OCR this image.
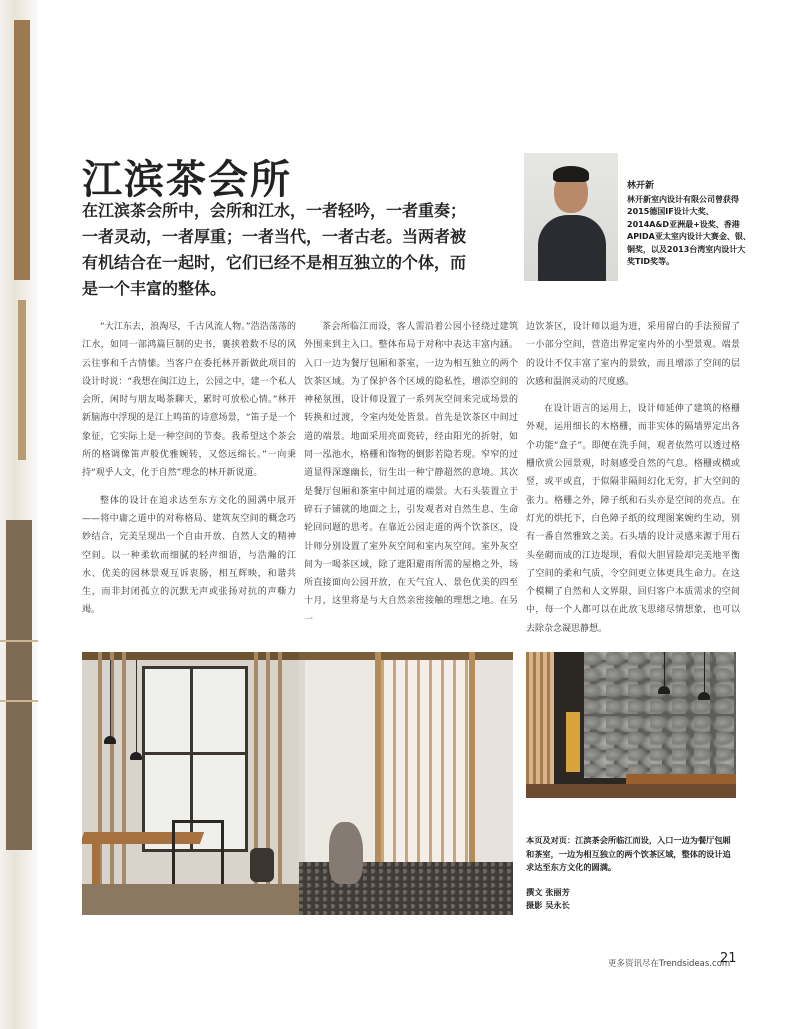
江滨茶会所

在江滨茶会所中，会所和江水，一者轻吟，一者重奏；一者灵动，一者厚重；一者当代，一者古老。当两者被有机结合在一起时，它们已经不是相互独立的个体，而是一个丰富的整体。

林开新
林开新室内设计有限公司曾获得2015德国IF设计大奖、2014A&D亚洲最+设奖、香港APIDA亚太室内设计大赛金、银、铜奖，以及2013台湾室内设计大奖TID奖等。

“大江东去，浪淘尽，千古风流人物。”浩浩荡荡的江水，如同一部鸿篇巨制的史书，裹挟着数不尽的风云往事和千古情愫。当客户在委托林开新做此项目的设计时说：“我想在闽江边上，公园之中，建一个私人会所，闲时与朋友喝茶聊天，累时可放松心情。”林开新脑海中浮现的是江上鸣笛的诗意场景，“笛子是一个象征，它实际上是一种空间的节奏。我希望这个茶会所的格调像笛声般优雅婉转，又悠远绵长。”一向秉持“观乎人文，化于自然”理念的林开新说道。

整体的设计在追求达至东方文化的圆满中展开——将中庸之道中的对称格局、建筑灰空间的概念巧妙结合，完美呈现出一个自由开放、自然人文的精神空间。以一种柔软而细腻的轻声细语，与浩瀚的江水、优美的园林景观互诉衷肠，相互辉映，和谐共生，而非封闭孤立的沉默无声或张扬对抗的声嘶力竭。

茶会所临江而设，客人需沿着公园小径绕过建筑外围来到主入口。整体布局于对称中表达丰富内涵。入口一边为餐厅包厢和茶室，一边为相互独立的两个饮茶区域。为了保护各个区域的隐私性，增添空间的神秘氛围，设计师设置了一系列灰空间来完成场景的转换和过渡，令室内处处皆景。首先是饮茶区中间过道的端景。地面采用亮面瓷砖，经由阳光的折射，如同一泓池水，格栅和饰物的倒影若隐若现。窄窄的过道显得深邃幽长，衍生出一种宁静超然的意境。其次是餐厅包厢和茶室中间过道的端景。大石头装置立于碎石子铺就的地面之上，引发观者对自然生息、生命轮回问题的思考。在靠近公园走道的两个饮茶区，设计师分别设置了室外灰空间和室内灰空间。室外灰空间为一喝茶区域，除了遮阳避雨所需的屋檐之外，场所直接面向公园开放，在天气宜人、景色优美的四至十月，这里将是与大自然亲密接触的理想之地。在另一

边饮茶区，设计师以退为进，采用留白的手法预留了一小部分空间，营造出界定室内外的小型景观。端景的设计不仅丰富了室内的景致，而且增添了空间的层次感和温润灵动的尺度感。

在设计语言的运用上，设计师延伸了建筑的格栅外观，运用细长的木格栅，而非实体的隔墙界定出各个功能“盒子”。即便在洗手间，观者依然可以透过格栅欣赏公园景观，时刻感受自然的气息。格栅或横或竖，或平或直，于似隔非隔间幻化无穷，扩大空间的张力。格栅之外，障子纸和石头亦是空间的亮点。在灯光的烘托下，白色障子纸的纹理图案婉约生动，别有一番自然雅致之美。石头墙的设计灵感来源于用石头垒砌而成的江边堤坝，看似大胆冒险却完美地平衡了空间的柔和气质，令空间更立体更具生命力。在这个模糊了自然和人文界限，回归客户本质需求的空间中，每一个人都可以在此放飞思绪尽情想象，也可以去除杂念凝思静想。

本页及对页：江滨茶会所临江而设，入口一边为餐厅包厢和茶室，一边为相互独立的两个饮茶区域，整体的设计追求达至东方文化的圆满。
撰文 张丽芳
摄影 吴永长
更多资讯尽在Trendsideas.com
21
